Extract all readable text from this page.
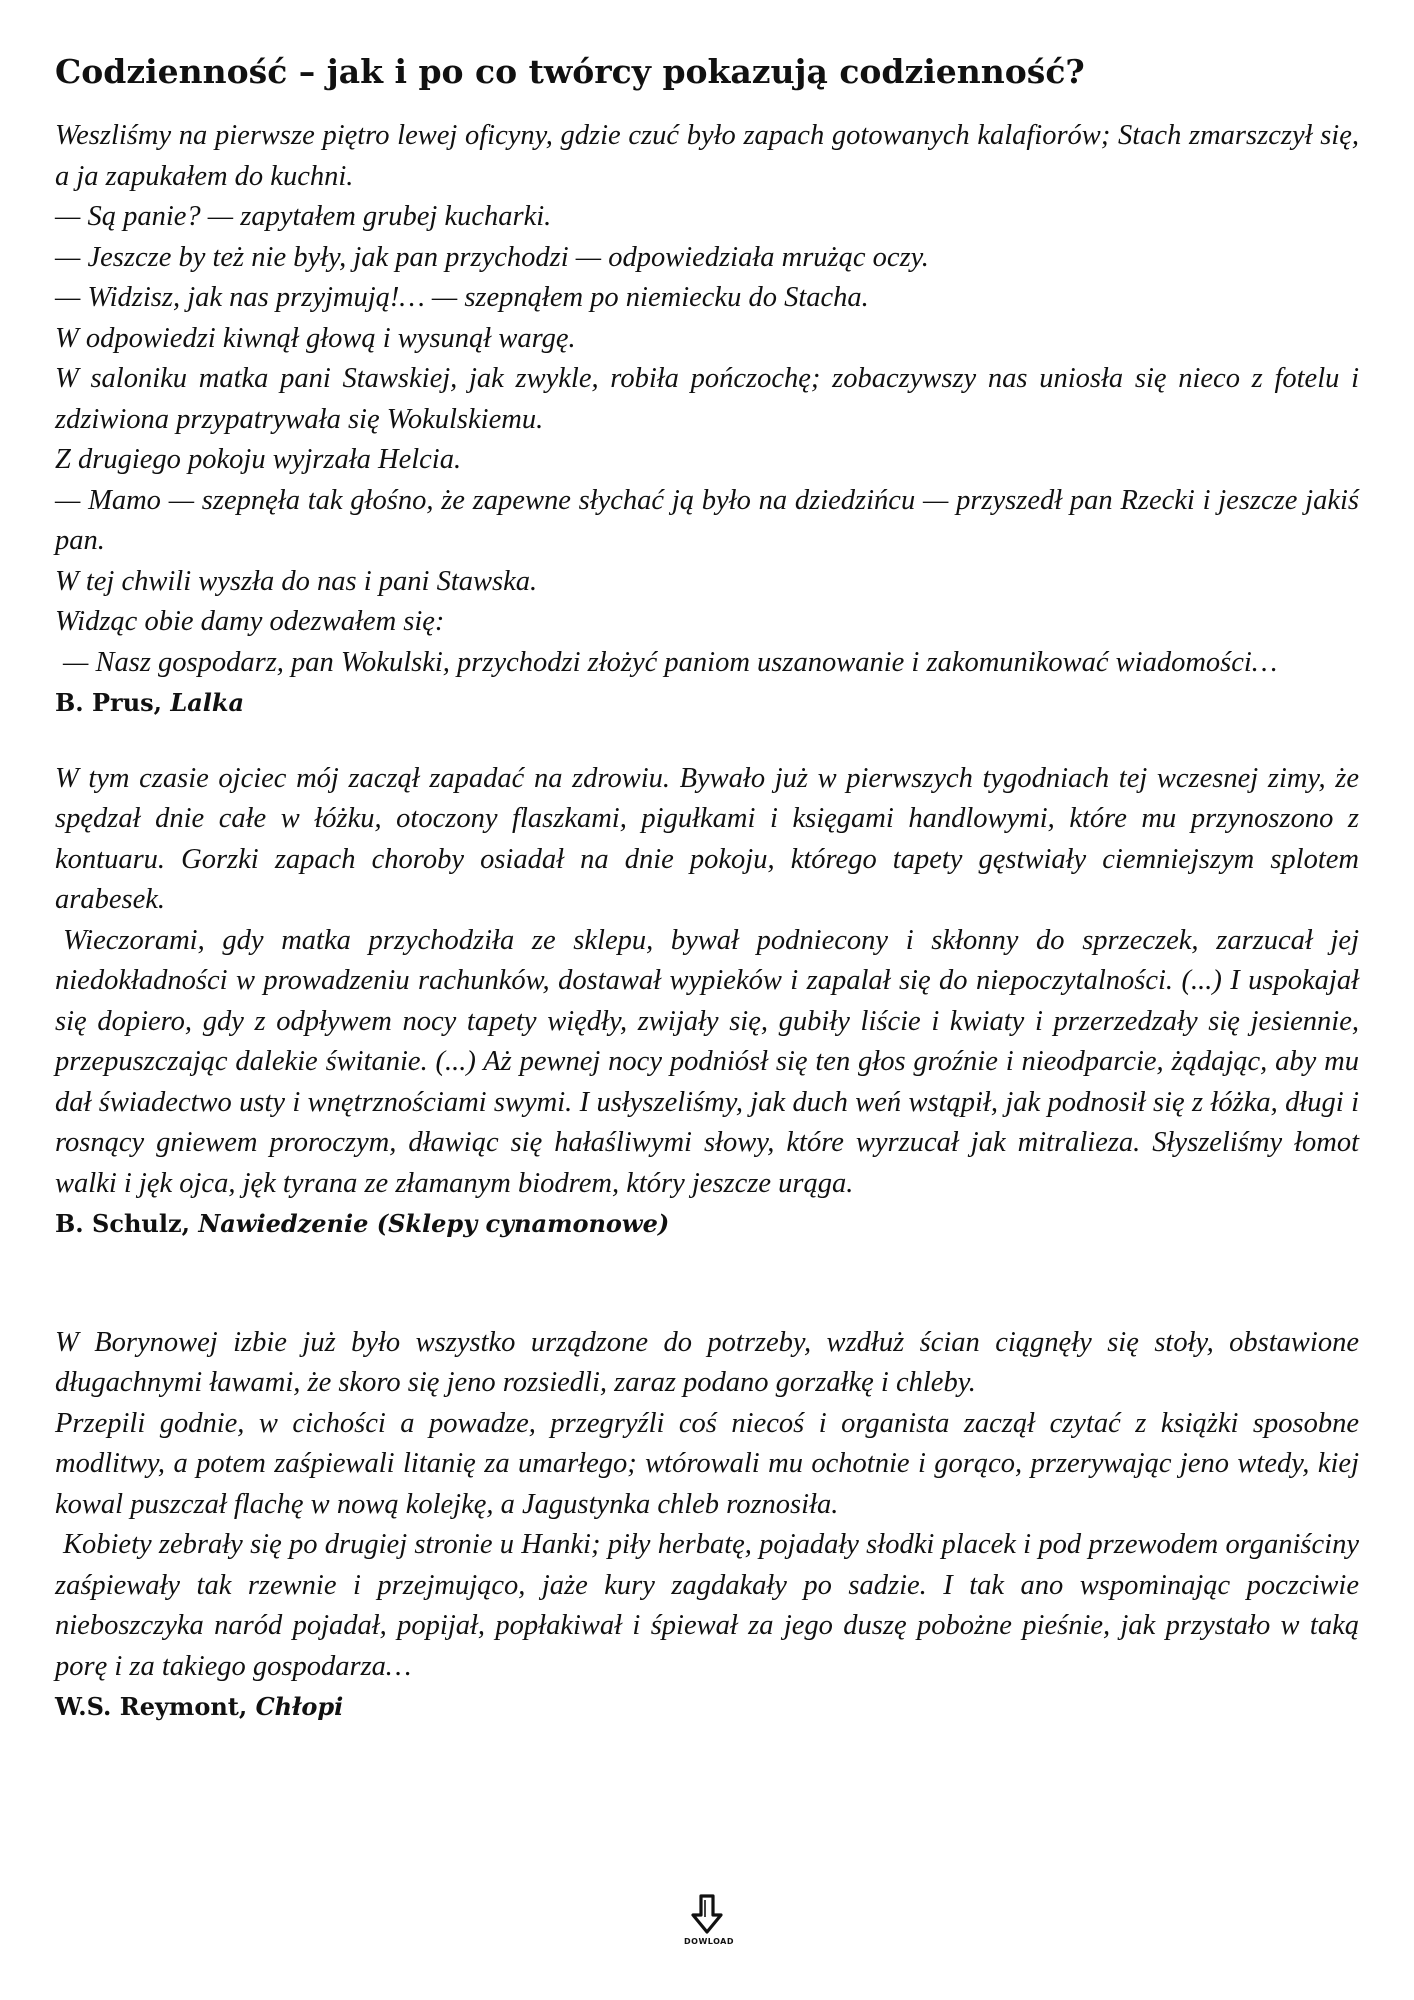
Codzienność – jak i po co twórcy pokazują codzienność?

Weszliśmy na pierwsze piętro lewej oficyny, gdzie czuć było zapach gotowanych kalafiorów; Stach zmarszczył się, a ja zapukałem do kuchni.

— Są panie? — zapytałem grubej kucharki.

— Jeszcze by też nie były, jak pan przychodzi — odpowiedziała mrużąc oczy.

— Widzisz, jak nas przyjmują!… — szepnąłem po niemiecku do Stacha.

W odpowiedzi kiwnął głową i wysunął wargę.

W saloniku matka pani Stawskiej, jak zwykle, robiła pończochę; zobaczywszy nas uniosła się nieco z fotelu i zdziwiona przypatrywała się Wokulskiemu.

Z drugiego pokoju wyjrzała Helcia.

— Mamo — szepnęła tak głośno, że zapewne słychać ją było na dziedzińcu — przyszedł pan Rzecki i jeszcze jakiś pan.

W tej chwili wyszła do nas i pani Stawska.

Widząc obie damy odezwałem się:

— Nasz gospodarz, pan Wokulski, przychodzi złożyć paniom uszanowanie i zakomunikować wiadomości…

B. Prus, Lalka

W tym czasie ojciec mój zaczął zapadać na zdrowiu. Bywało już w pierwszych tygodniach tej wczesnej zimy, że spędzał dnie całe w łóżku, otoczony flaszkami, pigułkami i księgami handlowymi, które mu przynoszono z kontuaru. Gorzki zapach choroby osiadał na dnie pokoju, którego tapety gęstwiały ciemniejszym splotem arabesek.

Wieczorami, gdy matka przychodziła ze sklepu, bywał podniecony i skłonny do sprzeczek, zarzucał jej niedokładności w prowadzeniu rachunków, dostawał wypieków i zapalał się do niepoczytalności. (...) I uspokajał się dopiero, gdy z odpływem nocy tapety więdły, zwijały się, gubiły liście i kwiaty i przerzedzały się jesiennie, przepuszczając dalekie świtanie. (...) Aż pewnej nocy podniósł się ten głos groźnie i nieodparcie, żądając, aby mu dał świadectwo usty i wnętrznościami swymi. I usłyszeliśmy, jak duch weń wstąpił, jak podnosił się z łóżka, długi i rosnący gniewem proroczym, dławiąc się hałaśliwymi słowy, które wyrzucał jak mitralieza. Słyszeliśmy łomot walki i jęk ojca, jęk tyrana ze złamanym biodrem, który jeszcze urąga.

B. Schulz, Nawiedzenie (Sklepy cynamonowe)

W Borynowej izbie już było wszystko urządzone do potrzeby, wzdłuż ścian ciągnęły się stoły, obstawione długachnymi ławami, że skoro się jeno rozsiedli, zaraz podano gorzałkę i chleby.

Przepili godnie, w cichości a powadze, przegryźli coś niecoś i organista zaczął czytać z książki sposobne modlitwy, a potem zaśpiewali litanię za umarłego; wtórowali mu ochotnie i gorąco, przerywając jeno wtedy, kiej kowal puszczał flachę w nową kolejkę, a Jagustynka chleb roznosiła.

Kobiety zebrały się po drugiej stronie u Hanki; piły herbatę, pojadały słodki placek i pod przewodem organiściny zaśpiewały tak rzewnie i przejmująco, jaże kury zagdakały po sadzie. I tak ano wspominając poczciwie nieboszczyka naród pojadał, popijał, popłakiwał i śpiewał za jego duszę pobożne pieśnie, jak przystało w taką porę i za takiego gospodarza…

W.S. Reymont, Chłopi

DOWLOAD
